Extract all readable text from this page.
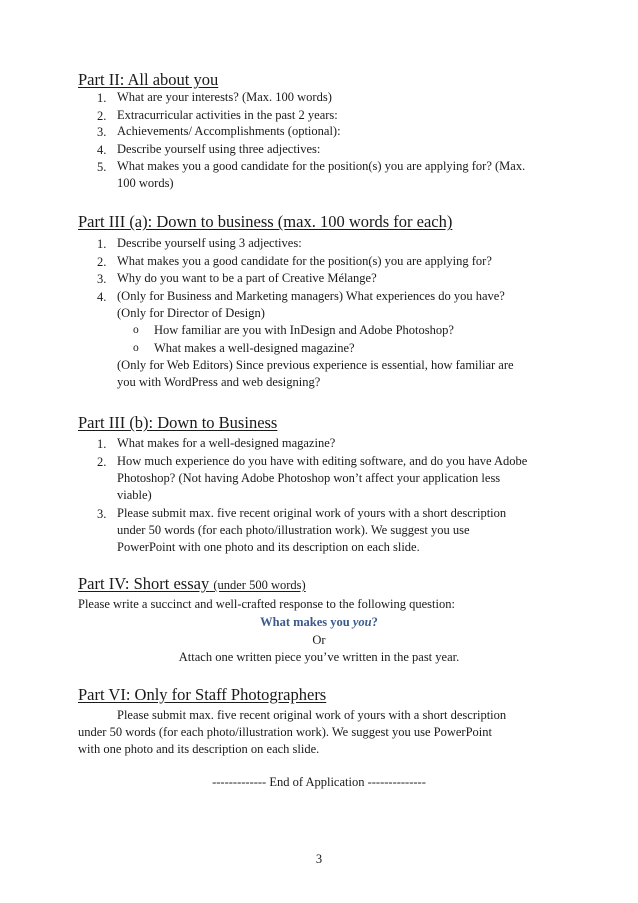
Part II: All about you
1. What are your interests? (Max. 100 words)
2. Extracurricular activities in the past 2 years:
3. Achievements/ Accomplishments (optional):
4. Describe yourself using three adjectives:
5. What makes you a good candidate for the position(s) you are applying for? (Max.
100 words)
Part III (a): Down to business (max. 100 words for each)
1. Describe yourself using 3 adjectives:
2. What makes you a good candidate for the position(s) you are applying for?
3. Why do you want to be a part of Creative Mélange?
4. (Only for Business and Marketing managers) What experiences do you have?
(Only for Director of Design)
o How familiar are you with InDesign and Adobe Photoshop?
o What makes a well-designed magazine?
(Only for Web Editors) Since previous experience is essential, how familiar are
you with WordPress and web designing?
Part III (b): Down to Business
1. What makes for a well-designed magazine?
2. How much experience do you have with editing software, and do you have Adobe
Photoshop? (Not having Adobe Photoshop won’t affect your application less
viable)
3. Please submit max. five recent original work of yours with a short description
under 50 words (for each photo/illustration work). We suggest you use
PowerPoint with one photo and its description on each slide.
Part IV: Short essay (under 500 words)
Please write a succinct and well-crafted response to the following question:
What makes you you?
Or
Attach one written piece you’ve written in the past year.
Part VI: Only for Staff Photographers
Please submit max. five recent original work of yours with a short description
under 50 words (for each photo/illustration work). We suggest you use PowerPoint
with one photo and its description on each slide.
------------- End of Application --------------
3
